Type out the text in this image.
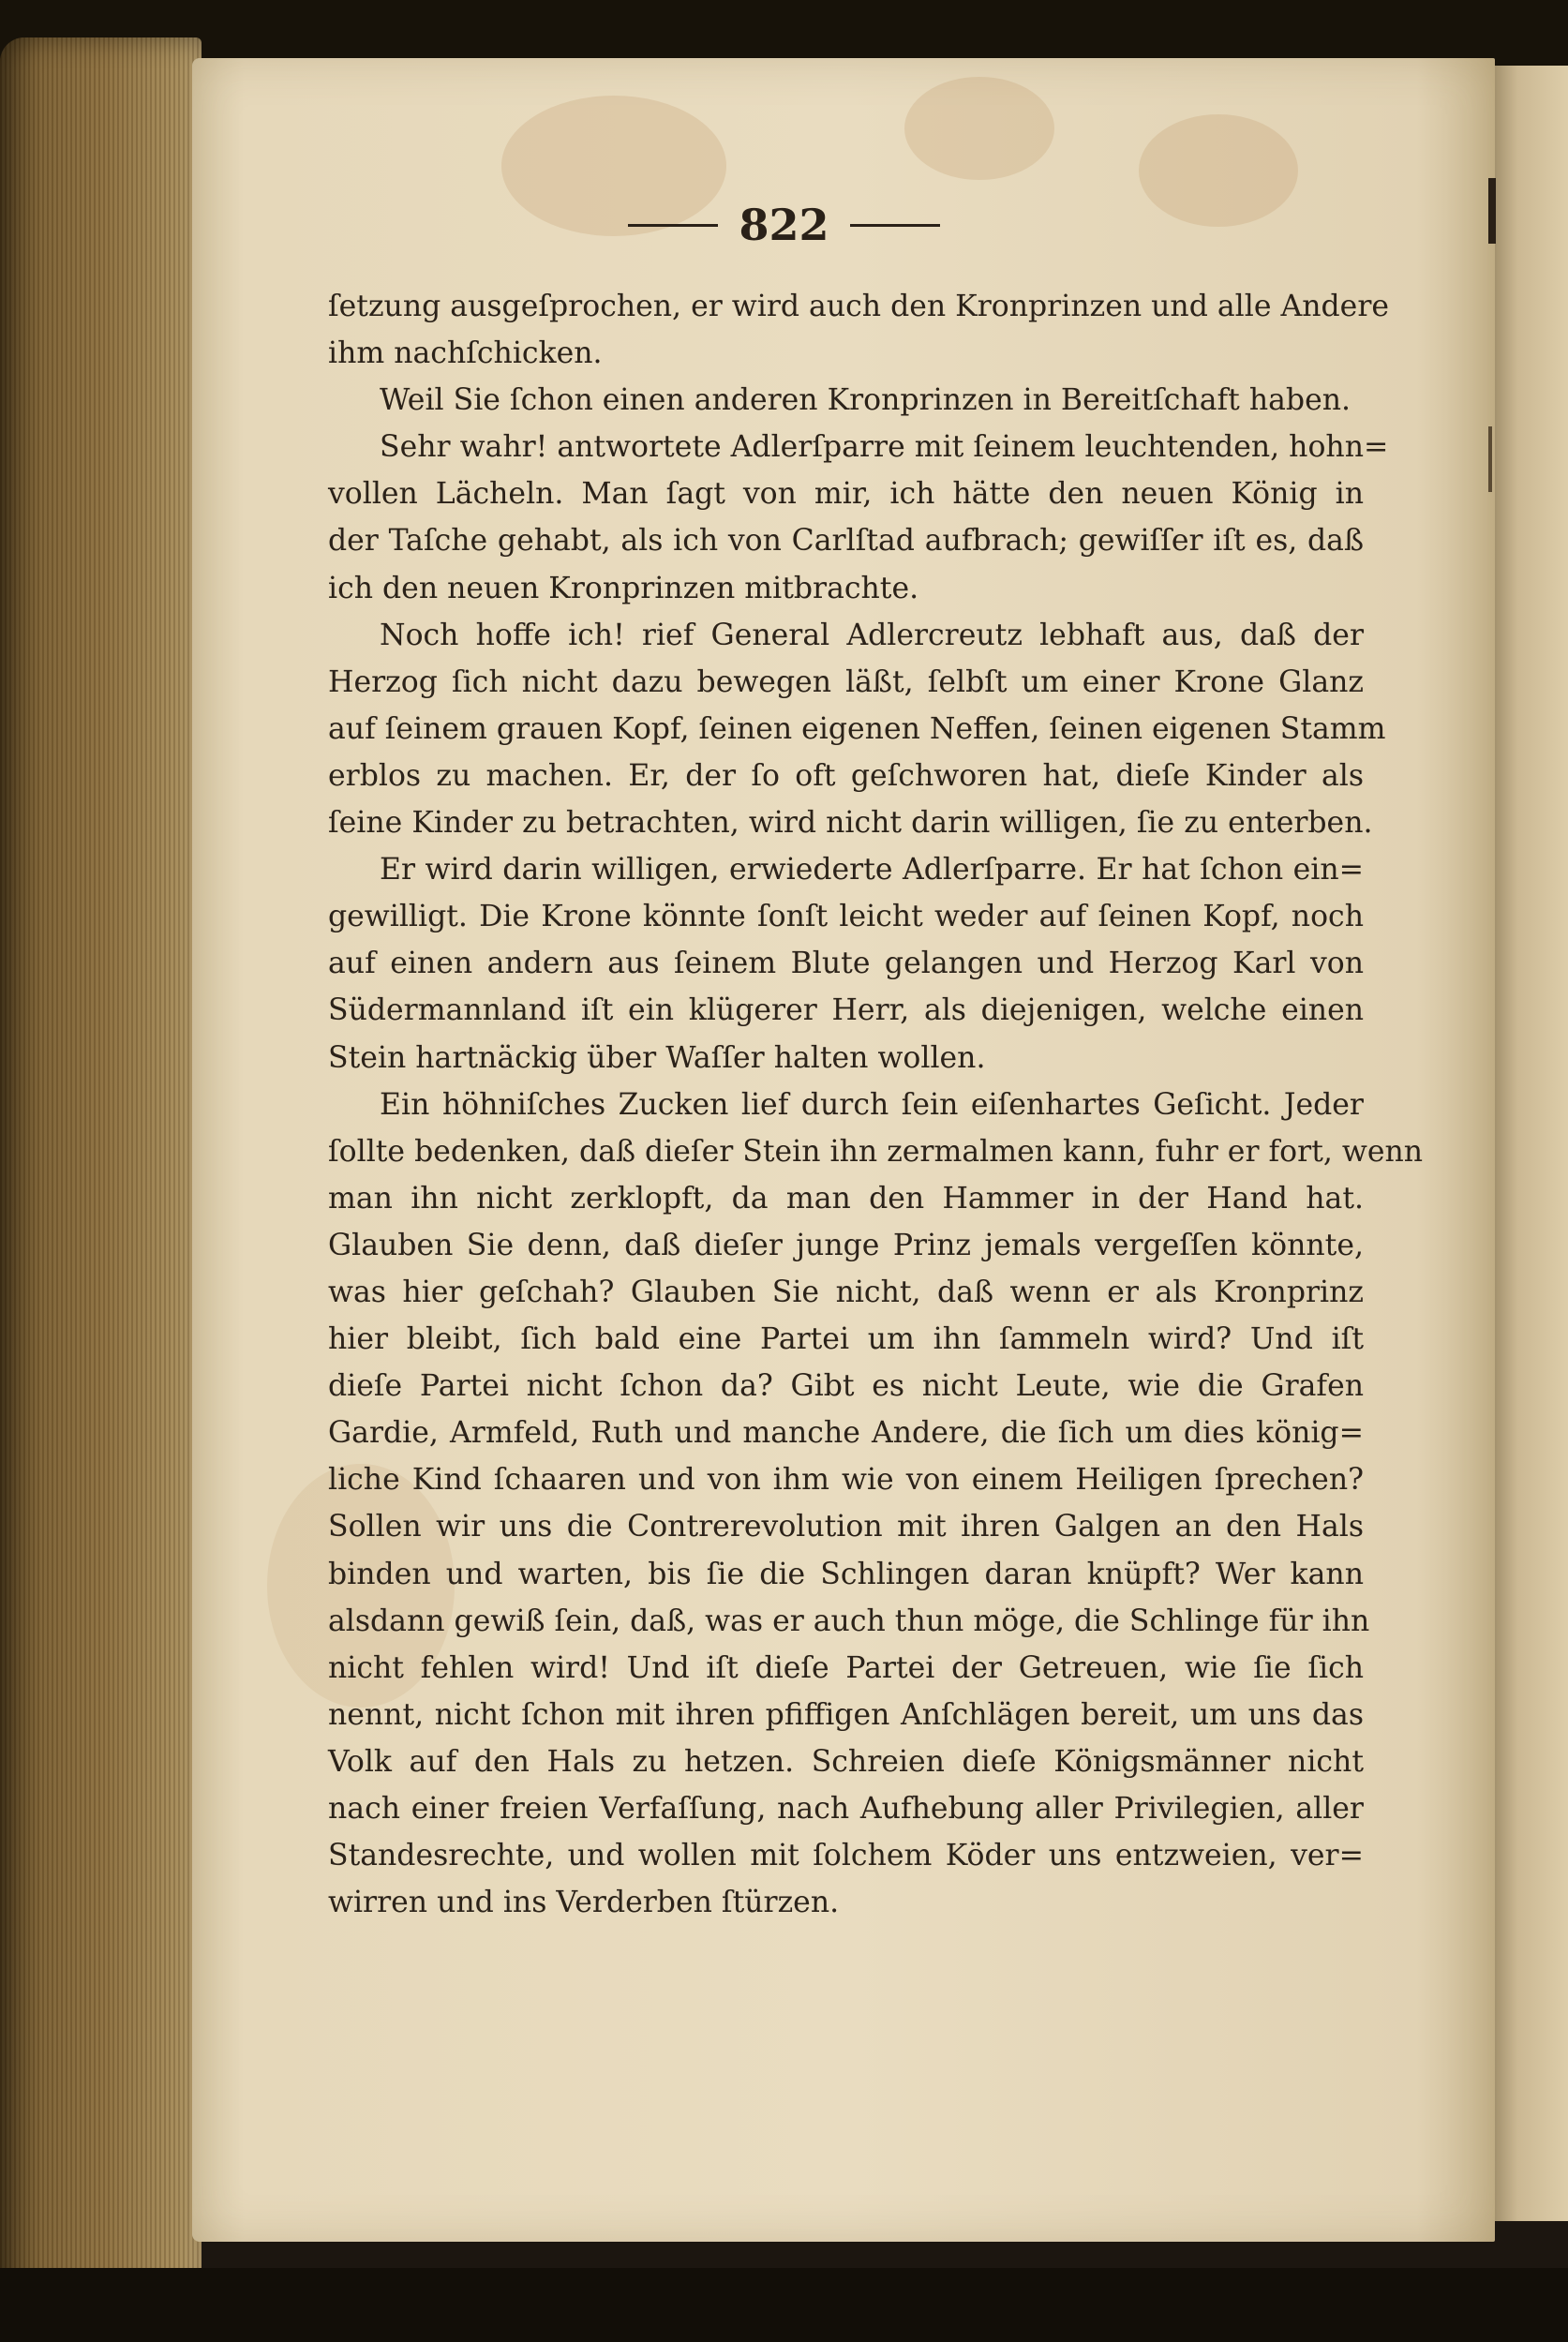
822
ſetzung ausgeſprochen, er wird auch den Kronprinzen und alle Andere
ihm nachſchicken.
Weil Sie ſchon einen anderen Kronprinzen in Bereitſchaft haben.
Sehr wahr! antwortete Adlerſparre mit ſeinem leuchtenden, hohn=
vollen Lächeln. Man ſagt von mir, ich hätte den neuen König in
der Taſche gehabt, als ich von Carlſtad aufbrach; gewiſſer iſt es, daß
ich den neuen Kronprinzen mitbrachte.
Noch hoffe ich! rief General Adlercreutz lebhaft aus, daß der
Herzog ſich nicht dazu bewegen läßt, ſelbſt um einer Krone Glanz
auf ſeinem grauen Kopf, ſeinen eigenen Neffen, ſeinen eigenen Stamm
erblos zu machen. Er, der ſo oft geſchworen hat, dieſe Kinder als
ſeine Kinder zu betrachten, wird nicht darin willigen, ſie zu enterben.
Er wird darin willigen, erwiederte Adlerſparre. Er hat ſchon ein=
gewilligt. Die Krone könnte ſonſt leicht weder auf ſeinen Kopf, noch
auf einen andern aus ſeinem Blute gelangen und Herzog Karl von
Südermannland iſt ein klügerer Herr, als diejenigen, welche einen
Stein hartnäckig über Waſſer halten wollen.
Ein höhniſches Zucken lief durch ſein eiſenhartes Geſicht. Jeder
ſollte bedenken, daß dieſer Stein ihn zermalmen kann, fuhr er fort, wenn
man ihn nicht zerklopft, da man den Hammer in der Hand hat.
Glauben Sie denn, daß dieſer junge Prinz jemals vergeſſen könnte,
was hier geſchah? Glauben Sie nicht, daß wenn er als Kronprinz
hier bleibt, ſich bald eine Partei um ihn ſammeln wird? Und iſt
dieſe Partei nicht ſchon da? Gibt es nicht Leute, wie die Grafen
Gardie, Armfeld, Ruth und manche Andere, die ſich um dies könig=
liche Kind ſchaaren und von ihm wie von einem Heiligen ſprechen?
Sollen wir uns die Contrerevolution mit ihren Galgen an den Hals
binden und warten, bis ſie die Schlingen daran knüpft? Wer kann
alsdann gewiß ſein, daß, was er auch thun möge, die Schlinge für ihn
nicht fehlen wird! Und iſt dieſe Partei der Getreuen, wie ſie ſich
nennt, nicht ſchon mit ihren pfiffigen Anſchlägen bereit, um uns das
Volk auf den Hals zu hetzen. Schreien dieſe Königsmänner nicht
nach einer freien Verfaſſung, nach Aufhebung aller Privilegien, aller
Standesrechte, und wollen mit ſolchem Köder uns entzweien, ver=
wirren und ins Verderben ſtürzen.
